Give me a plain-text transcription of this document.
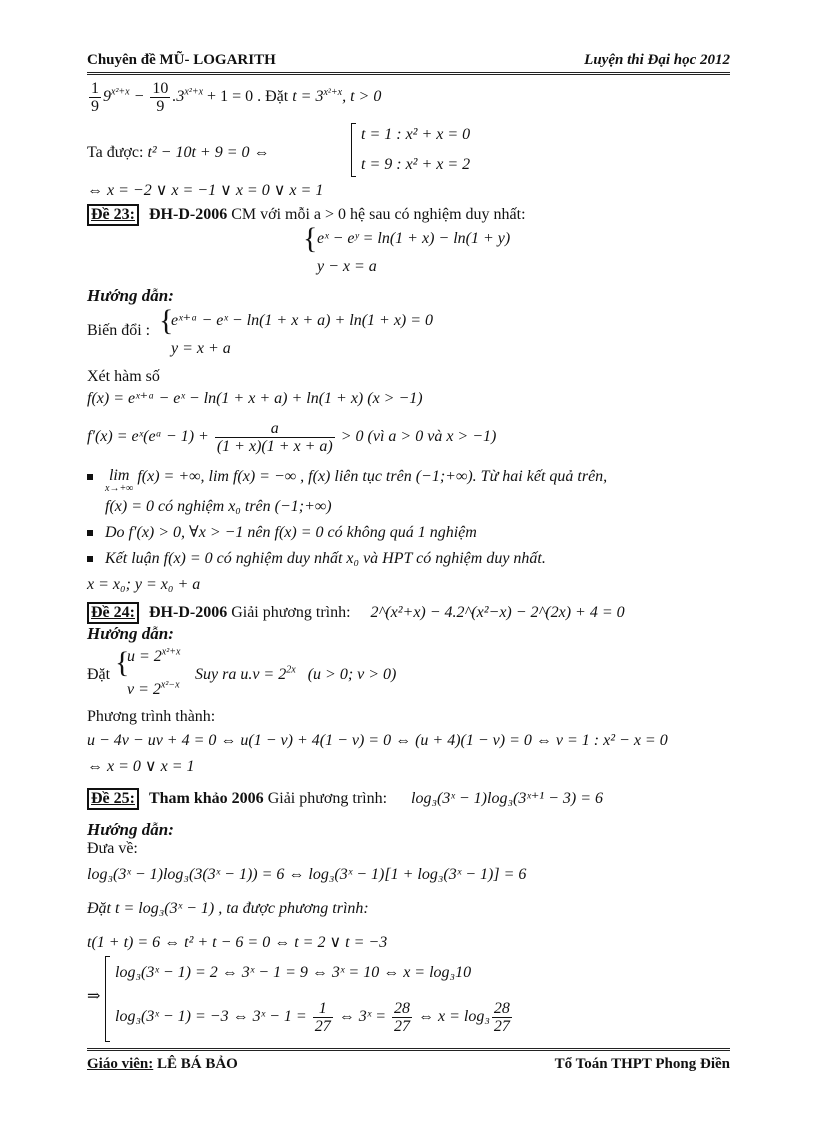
Chuyên đề MŨ- LOGARITH	Luyện thi Đại học 2012
$\frac{1}{9} 9^{x^2+x} - \frac{10}{9} .3^{x^2+x} + 1 = 0$ . Đặt $t = 3^{x^2+x}$, t > 0
Ta được: t² − 10t + 9 = 0 ⇔
t = 1 : x² + x = 0
t = 9 : x² + x = 2
⇔ x = −2 ∨ x = −1 ∨ x = 0 ∨ x = 1
Đề 23: ĐH-D-2006 CM với mỗi a > 0 hệ sau có nghiệm duy nhất:
{ eˣ − eʸ = ln(1 + x) − ln(1 + y)
y − x = a
Hướng dẫn:
Biến đổi : {
eˣ⁺ᵃ − eˣ − ln(1 + x + a) + ln(1 + x) = 0
y = x + a
Xét hàm số
f(x) = eˣ⁺ᵃ − eˣ − ln(1 + x + a) + ln(1 + x) (x > −1)
f′(x) = eˣ(eᵃ − $1) + \frac{a}{(1 + x)(1 + x + a)} > 0$ (vì a > 0 và x > −1)
lim
x→+∞
f(x) = +∞, lim f(x) = −∞ , f(x) liên tục trên (−1;+∞). Từ hai kết quả trên,
f(x) = 0 có nghiệm x₀ trên (−1;+∞)
Do f′(x) > 0, ∀x > −1 nên f(x) = 0 có không quá 1 nghiệm
Kết luận f(x) = 0 có nghiệm duy nhất x₀ và HPT có nghiệm duy nhất.
x = x₀; y = x₀ + a
Đề 24: ĐH-D-2006 Giải phương trình: 2^(x²+x) − 4.2^(x²−x) − 2^(2x) + 4 = 0
Hướng dẫn:
Đặt {
$u = 2^{x^2+x}$
$v = 2^{x^2-x}$
Suy ra $u.v = 2^{2x}$ (u > 0; v > 0)
Phương trình thành:
u − 4v − uv + 4 = 0 ⇔ u(1 − v) + 4(1 − v) = 0 ⇔ (u + 4)(1 − v) = 0 ⇔ v = 1 : x² − x = 0
⇔ x = 0 ∨ x = 1
Đề 25: Tham khảo 2006 Giải phương trình: log₃(3ˣ − 1)log₃(3ˣ⁺¹ − 3) = 6
Hướng dẫn:
Đưa về:
log₃(3ˣ − 1)log₃(3(3ˣ − 1)) = 6 ⇔ log₃(3ˣ − 1)[1 + log₃(3ˣ − 1)] = 6
Đặt t = log₃(3ˣ − 1) , ta được phương trình:
t(1 + t) = 6 ⇔ t² + t − 6 = 0 ⇔ t = 2 ∨ t = −3
⇒
log₃(3ˣ − 1) = 2 ⇔ 3ˣ − 1 = 9 ⇔ 3ˣ = 10 ⇔ x = log₃10
log₃(3ˣ − 1) = −3 ⇔ 3ˣ − $1 = \frac{1}{27}$ ⇔ 3ˣ = $\frac{28}{27}$ ⇔ $x = \log_3 \frac{28}{27}$
Giáo viên: LÊ BÁ BẢO	Tổ Toán THPT Phong Điền
